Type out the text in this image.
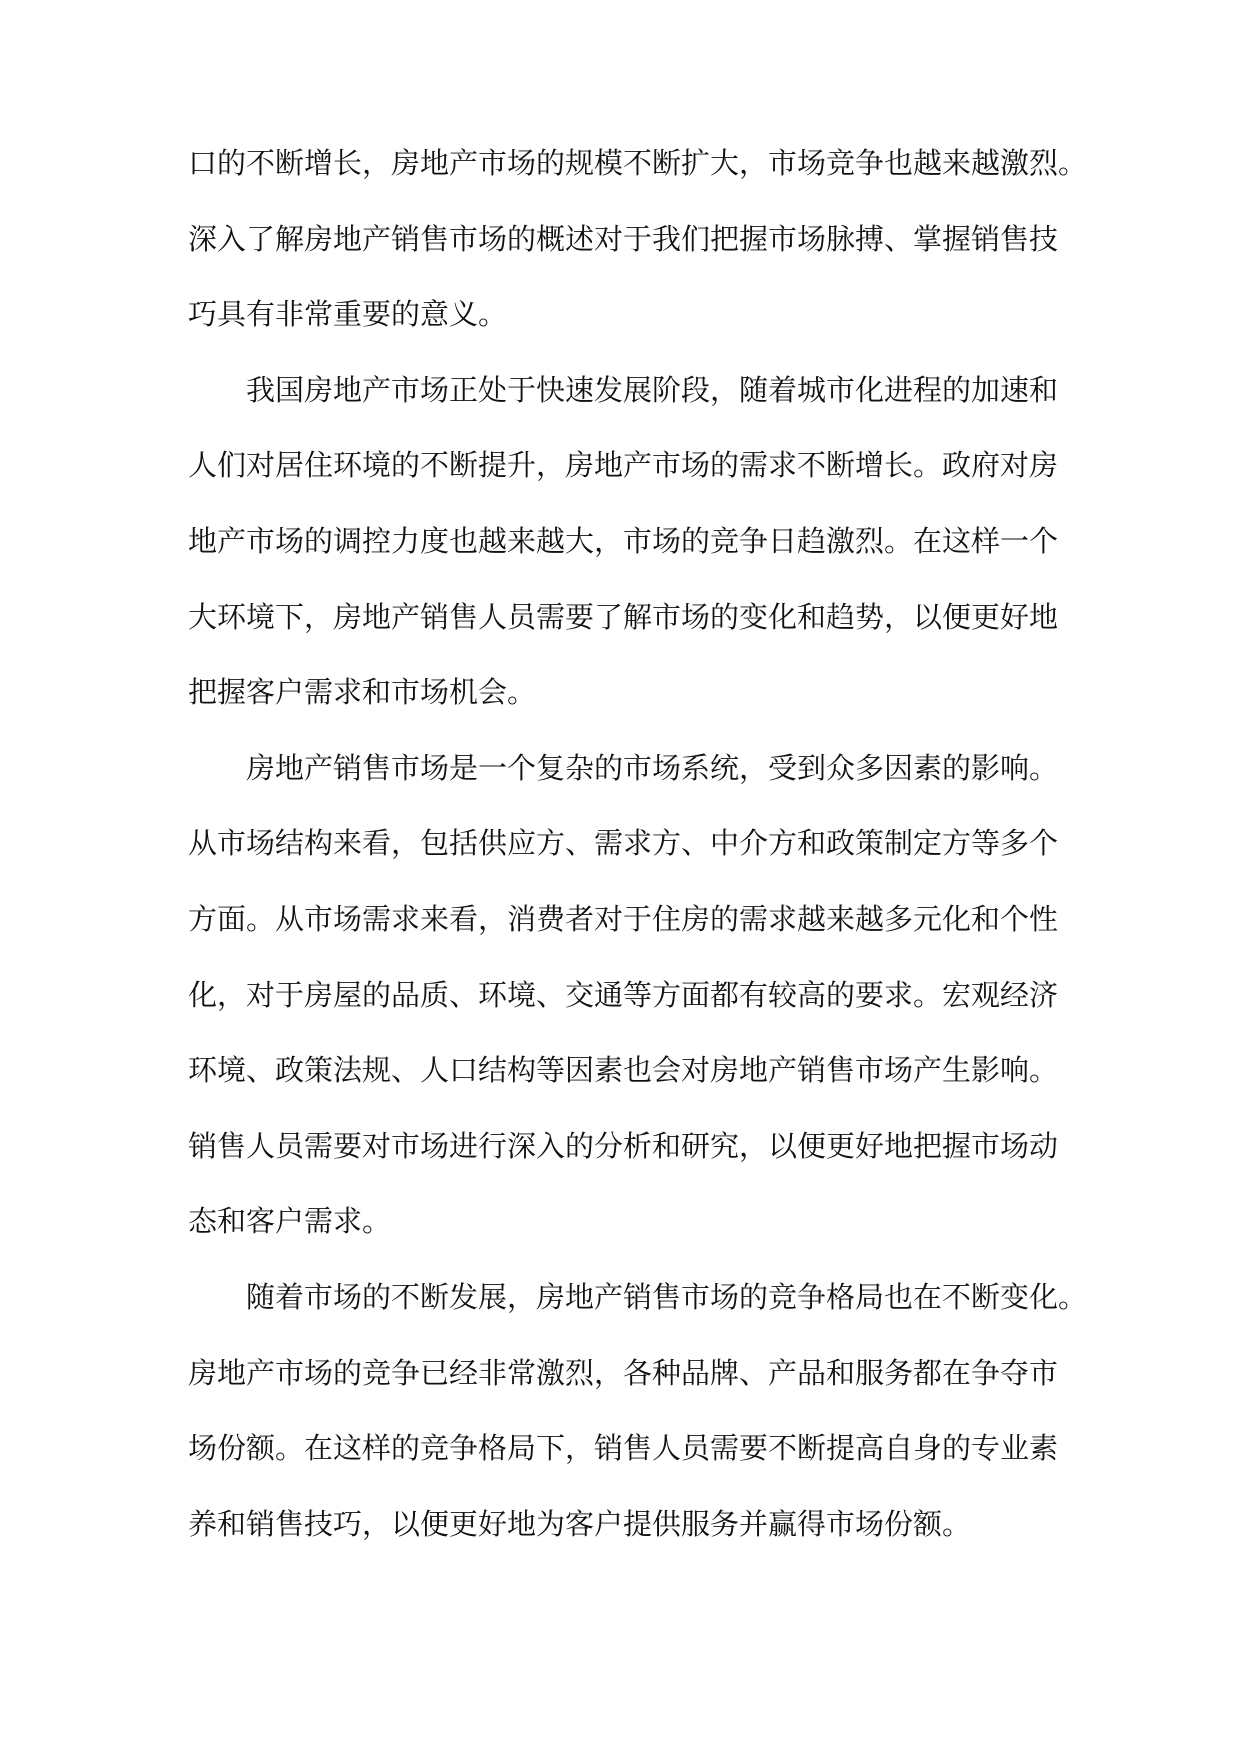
口的不断增长，房地产市场的规模不断扩大，市场竞争也越来越激烈。
深入了解房地产销售市场的概述对于我们把握市场脉搏、掌握销售技
巧具有非常重要的意义。
我国房地产市场正处于快速发展阶段，随着城市化进程的加速和
人们对居住环境的不断提升，房地产市场的需求不断增长。政府对房
地产市场的调控力度也越来越大，市场的竞争日趋激烈。在这样一个
大环境下，房地产销售人员需要了解市场的变化和趋势，以便更好地
把握客户需求和市场机会。
房地产销售市场是一个复杂的市场系统，受到众多因素的影响。
从市场结构来看，包括供应方、需求方、中介方和政策制定方等多个
方面。从市场需求来看，消费者对于住房的需求越来越多元化和个性
化，对于房屋的品质、环境、交通等方面都有较高的要求。宏观经济
环境、政策法规、人口结构等因素也会对房地产销售市场产生影响。
销售人员需要对市场进行深入的分析和研究，以便更好地把握市场动
态和客户需求。
随着市场的不断发展，房地产销售市场的竞争格局也在不断变化。
房地产市场的竞争已经非常激烈，各种品牌、产品和服务都在争夺市
场份额。在这样的竞争格局下，销售人员需要不断提高自身的专业素
养和销售技巧，以便更好地为客户提供服务并赢得市场份额。
